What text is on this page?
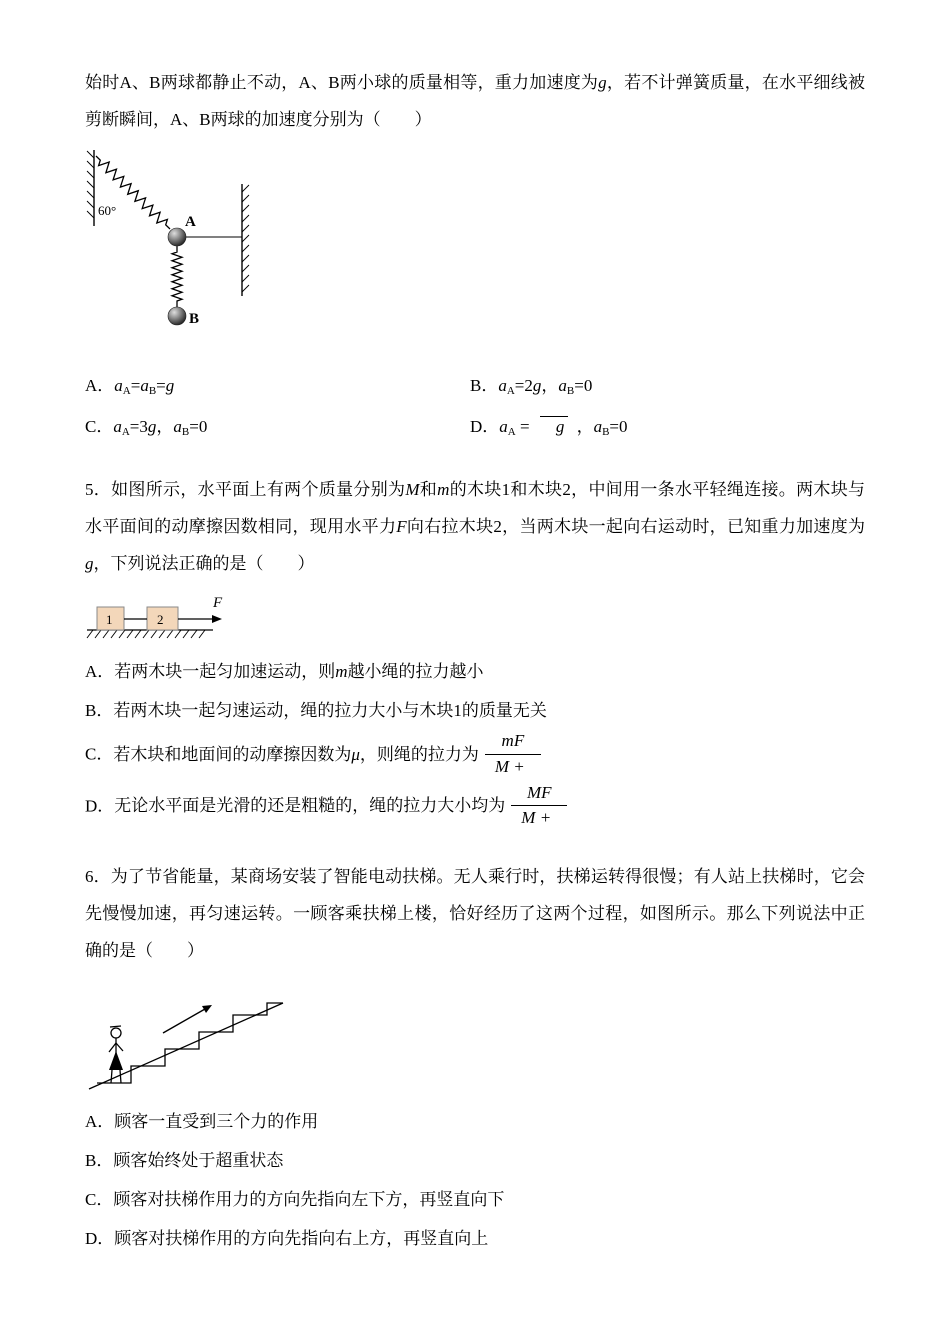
始时A、B两球都静止不动，A、B两小球的质量相等，重力加速度为g，若不计弹簧质量，在水平细线被剪断瞬间，A、B两球的加速度分别为（　　）

60°
A
B
A．aA=aB=g	B．aA=2g，aB=0
C．aA=3g，aB=0	D．aA = g ，aB=0

5．如图所示，水平面上有两个质量分别为M和m的木块1和木块2，中间用一条水平轻绳连接。两木块与水平面间的动摩擦因数相同，现用水平力F向右拉木块2，当两木块一起向右运动时，已知重力加速度为g，下列说法正确的是（　　）

1	2
F
A．若两木块一起匀加速运动，则m越小绳的拉力越小
B．若两木块一起匀速运动，绳的拉力大小与木块1的质量无关
C．若木块和地面间的动摩擦因数为μ，则绳的拉力为 $\frac{mF}{M +}$
D．无论水平面是光滑的还是粗糙的，绳的拉力大小均为 $\frac{MF}{M +}$

6．为了节省能量，某商场安装了智能电动扶梯。无人乘行时，扶梯运转得很慢；有人站上扶梯时，它会先慢慢加速，再匀速运转。一顾客乘扶梯上楼，恰好经历了这两个过程，如图所示。那么下列说法中正确的是（　　）

A．顾客一直受到三个力的作用
B．顾客始终处于超重状态
C．顾客对扶梯作用力的方向先指向左下方，再竖直向下
D．顾客对扶梯作用的方向先指向右上方，再竖直向上
